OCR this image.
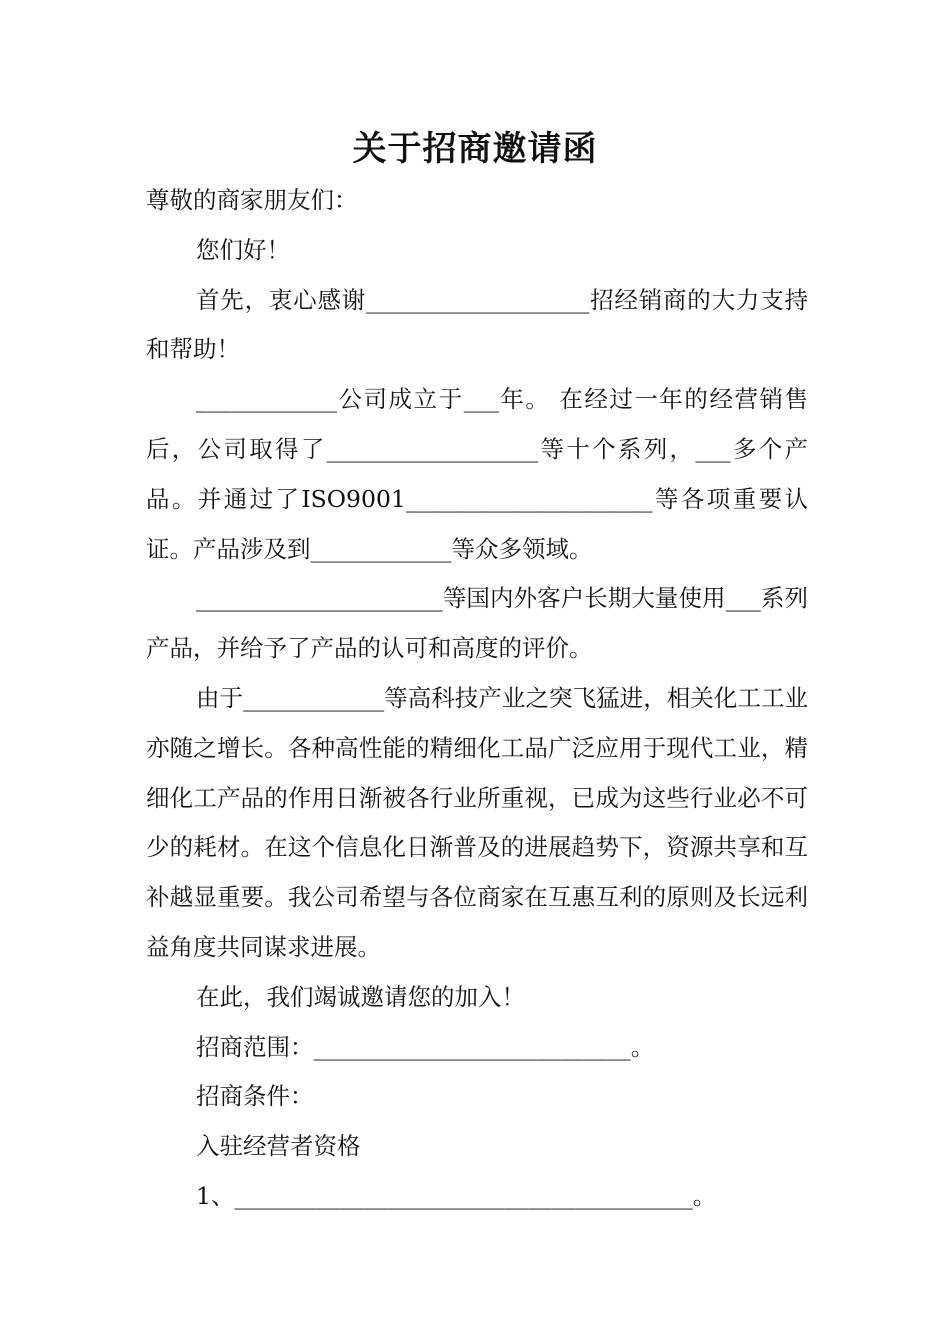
关于招商邀请函

尊敬的商家朋友们：

您们好！

首先，衷心感谢___________________招经销商的大力支持和帮助！

____________公司成立于___年。 在经过一年的经营销售后，公司取得了__________________等十个系列，___多个产品。并通过了ISO9001_____________________等各项重要认证。产品涉及到____________等众多领域。

_____________________等国内外客户长期大量使用___系列产品，并给予了产品的认可和高度的评价。

由于____________等高科技产业之突飞猛进，相关化工工业亦随之增长。各种高性能的精细化工品广泛应用于现代工业，精细化工产品的作用日渐被各行业所重视，已成为这些行业必不可少的耗材。在这个信息化日渐普及的进展趋势下，资源共享和互补越显重要。我公司希望与各位商家在互惠互利的原则及长远利益角度共同谋求进展。

在此，我们竭诚邀请您的加入！

招商范围：___________________________。

招商条件：

入驻经营者资格

1、_______________________________________。
